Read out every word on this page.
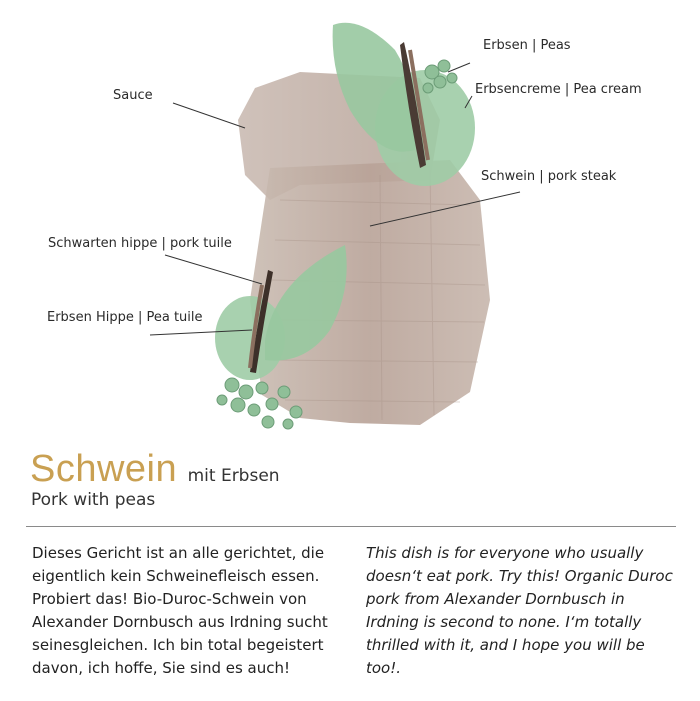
Erbsen | Peas
Erbsencreme | Pea cream
Sauce
Schwein | pork steak
Schwarten hippe | pork tuile
Erbsen Hippe | Pea tuile
Schwein mit Erbsen
Pork with peas
Dieses Gericht ist an alle gerichtet, die eigentlich kein Schweinefleisch essen. Probiert das! Bio-Duroc-Schwein von Alexander Dornbusch aus Irdning sucht seinesgleichen. Ich bin total begeistert davon, ich hoffe, Sie sind es auch!
This dish is for everyone who usually doesn‘t eat pork. Try this! Organic Duroc pork from Alexander Dornbusch in Irdning is second to none. I‘m totally thrilled with it, and I hope you will be too!.
